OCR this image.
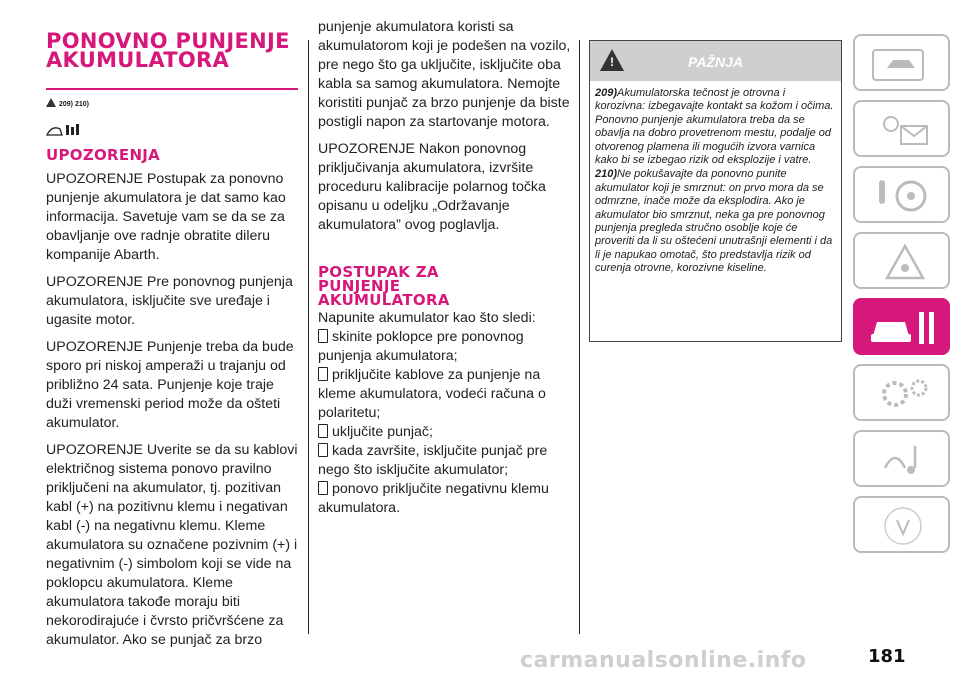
PONOVNO PUNJENJE AKUMULATORA
209) 210)
UPOZORENJA

UPOZORENJE Postupak za ponovno punjenje akumulatora je dat samo kao informacija. Savetuje vam se da se za obavljanje ove radnje obratite dileru kompanije Abarth.

UPOZORENJE Pre ponovnog punjenja akumulatora, isključite sve uređaje i ugasite motor.

UPOZORENJE Punjenje treba da bude sporo pri niskoj amperaži u trajanju od približno 24 sata. Punjenje koje traje duži vremenski period može da ošteti akumulator.

UPOZORENJE Uverite se da su kablovi električnog sistema ponovo pravilno priključeni na akumulator, tj. pozitivan kabl (+) na pozitivnu klemu i negativan kabl (-) na negativnu klemu. Kleme akumulatora su označene pozivnim (+) i negativnim (-) simbolom koji se vide na poklopcu akumulatora. Kleme akumulatora takođe moraju biti nekorodirajuće i čvrsto pričvršćene za akumulator. Ako se punjač za brzo

punjenje akumulatora koristi sa akumulatorom koji je podešen na vozilo, pre nego što ga uključite, isključite oba kabla sa samog akumulatora. Nemojte koristiti punjač za brzo punjenje da biste postigli napon za startovanje motora.

UPOZORENJE Nakon ponovnog priključivanja akumulatora, izvršite proceduru kalibracije polarnog točka opisanu u odeljku „Održavanje akumulatora” ovog poglavlja.

POSTUPAK ZA PUNJENJE AKUMULATORA
Napunite akumulator kao što sledi:
skinite poklopce pre ponovnog punjenja akumulatora;
priključite kablove za punjenje na kleme akumulatora, vodeći računa o polaritetu;
uključite punjač;
kada završite, isključite punjač pre nego što isključite akumulator;
ponovo priključite negativnu klemu akumulatora.
!	PAŽNJA

209)Akumulatorska tečnost je otrovna i korozivna: izbegavajte kontakt sa kožom i očima. Ponovno punjenje akumulatora treba da se obavlja na dobro provetrenom mestu, podalje od otvorenog plamena ili mogućih izvora varnica kako bi se izbegao rizik od eksplozije i vatre.

210)Ne pokušavajte da ponovno punite akumulator koji je smrznut: on prvo mora da se odmrzne, inače može da eksplodira. Ako je akumulator bio smrznut, neka ga pre ponovnog punjenja pregleda stručno osoblje koje će proveriti da li su oštećeni unutrašnji elementi i da li je napukao omotač, što predstavlja rizik od curenja otrovne, korozivne kiseline.

carmanualsonline.info	181
